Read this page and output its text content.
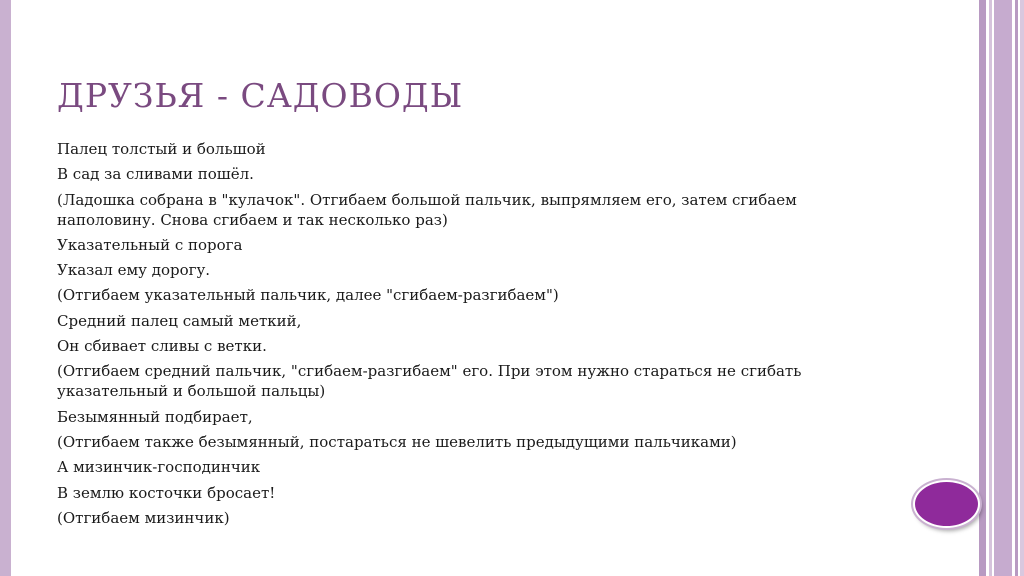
ДРУЗЬЯ - САДОВОДЫ

Палец толстый и большой

В сад за сливами пошёл.

(Ладошка собрана в "кулачок". Отгибаем большой пальчик, выпрямляем его, затем сгибаем наполовину. Снова сгибаем и так несколько раз)

Указательный с порога

Указал ему дорогу.

(Отгибаем указательный пальчик, далее "сгибаем-разгибаем")

Средний палец самый меткий,

Он сбивает сливы с ветки.

(Отгибаем средний пальчик, "сгибаем-разгибаем" его. При этом нужно стараться не сгибать указательный и большой пальцы)

Безымянный подбирает,

(Отгибаем также безымянный, постараться не шевелить предыдущими пальчиками)

А мизинчик-господинчик

В землю косточки бросает!

(Отгибаем мизинчик)
